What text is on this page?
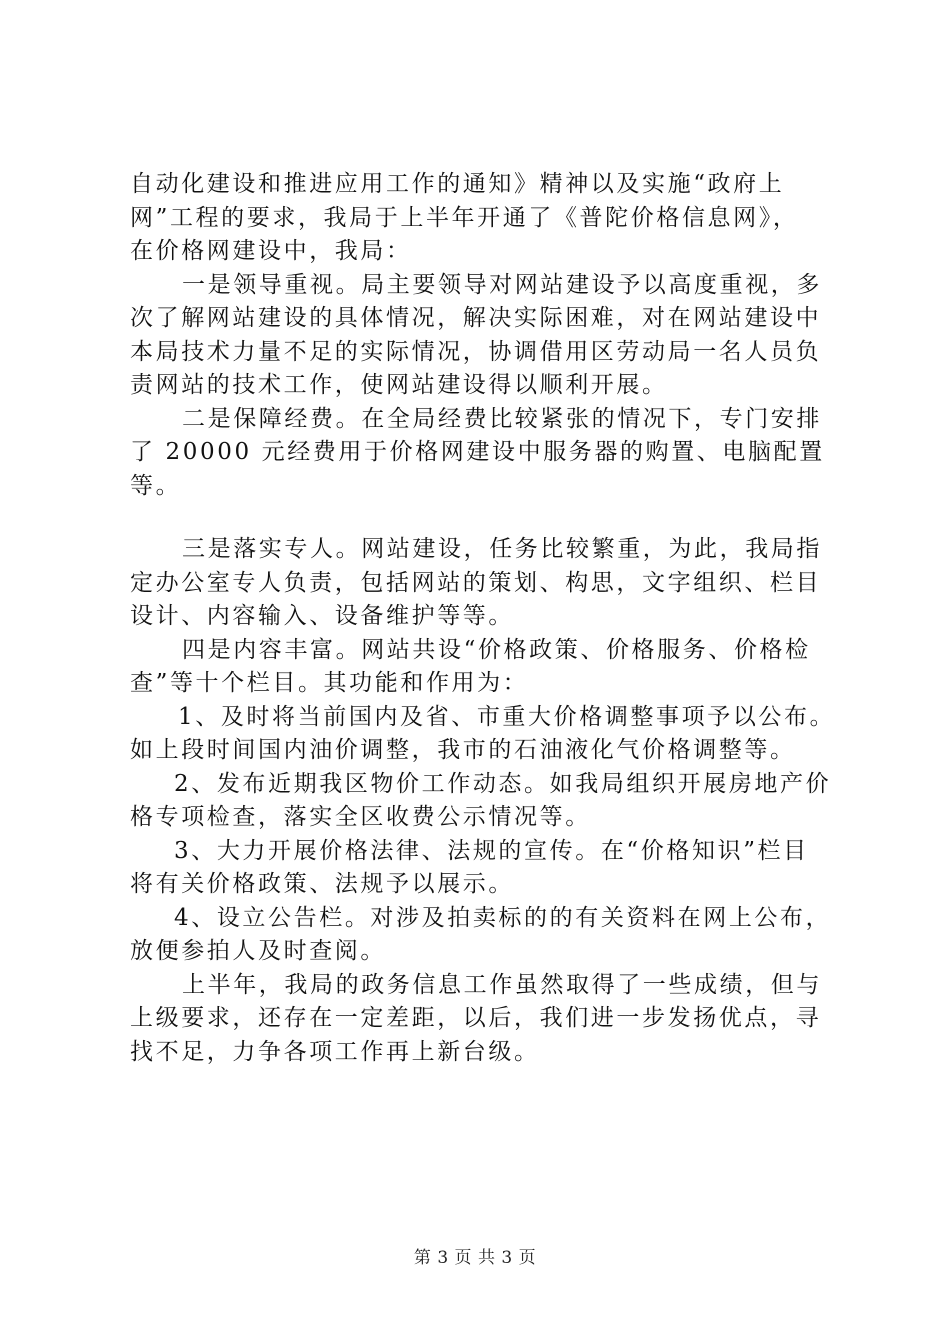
自动化建设和推进应用工作的通知》精神以及实施“政府上
网”工程的要求，我局于上半年开通了《普陀价格信息网》，
在价格网建设中，我局：

一是领导重视。局主要领导对网站建设予以高度重视，多
次了解网站建设的具体情况，解决实际困难，对在网站建设中
本局技术力量不足的实际情况，协调借用区劳动局一名人员负
责网站的技术工作，使网站建设得以顺利开展。

二是保障经费。在全局经费比较紧张的情况下，专门安排
了 20000 元经费用于价格网建设中服务器的购置、电脑配置等。

三是落实专人。网站建设，任务比较繁重，为此，我局指
定办公室专人负责，包括网站的策划、构思，文字组织、栏目
设计、内容输入、设备维护等等。

四是内容丰富。网站共设“价格政策、价格服务、价格检
查”等十个栏目。其功能和作用为：

1、及时将当前国内及省、市重大价格调整事项予以公布。
如上段时间国内油价调整，我市的石油液化气价格调整等。

2、发布近期我区物价工作动态。如我局组织开展房地产价
格专项检查，落实全区收费公示情况等。

3、大力开展价格法律、法规的宣传。在“价格知识”栏目
将有关价格政策、法规予以展示。

4、设立公告栏。对涉及拍卖标的的有关资料在网上公布，
放便参拍人及时查阅。

上半年，我局的政务信息工作虽然取得了一些成绩，但与
上级要求，还存在一定差距，以后，我们进一步发扬优点，寻
找不足，力争各项工作再上新台级。

第 3 页 共 3 页
